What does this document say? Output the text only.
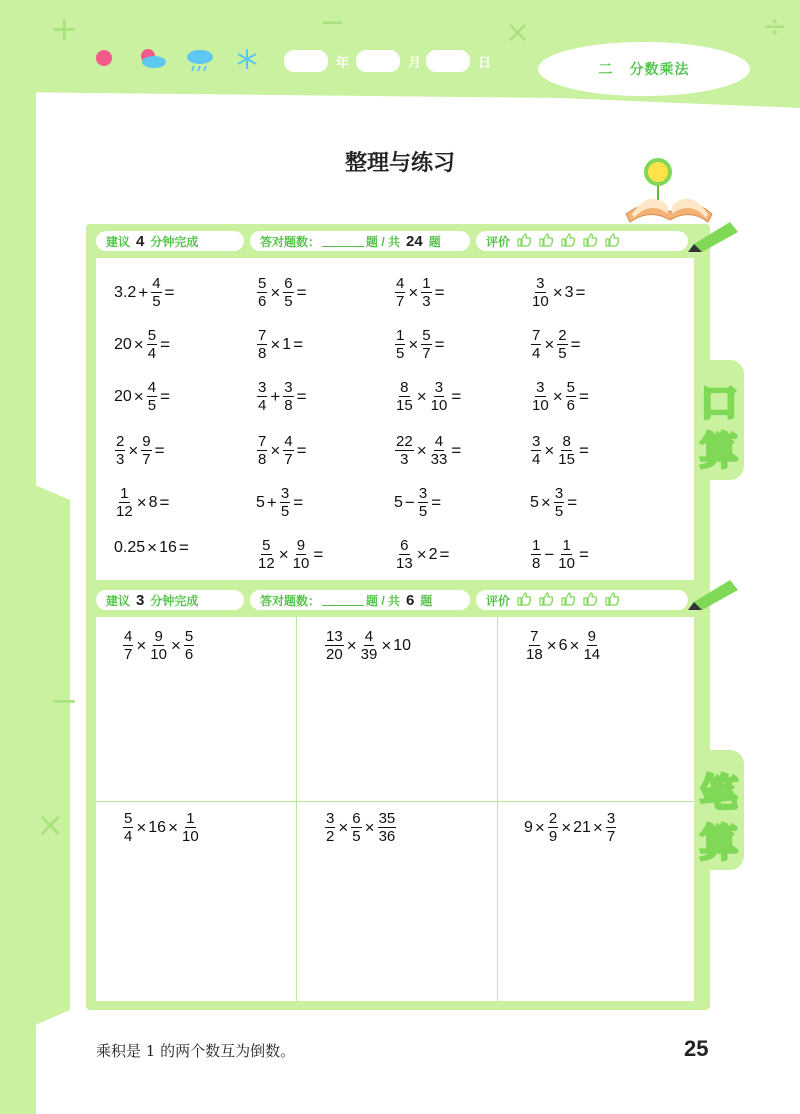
+	−	×	÷
−
×
年	月	日	二 分数乘法
整理与练习
建议 4 分钟完成	答对题数：	题 / 共 24 题	评价
$3.2 + \frac{4}{5}$ =	$\frac{5}{6} \times \frac{6}{5}$ =	$\frac{4}{7} \times \frac{1}{3}$ =	$\frac{3}{10} \times 3$ =
$20 \times \frac{5}{4}$ =	$\frac{7}{8} \times 1$ =	$\frac{1}{5} \times \frac{5}{7}$ =	$\frac{7}{4} \times \frac{2}{5}$ =
$20 \times \frac{4}{5}$ =	$\frac{3}{4} + \frac{3}{8}$ =	$\frac{8}{15} \times \frac{3}{10}$ =	$\frac{3}{10} \times \frac{5}{6}$ =
$\frac{2}{3} \times \frac{9}{7}$ =	$\frac{7}{8} \times \frac{4}{7}$ =	$\frac{22}{3} \times \frac{4}{33}$ =	$\frac{3}{4} \times \frac{8}{15}$ =
$\frac{1}{12} \times 8$ =	$5 + \frac{3}{5}$ =	$5 - \frac{3}{5}$ =	$5 \times \frac{3}{5}$ =
0.25 × 16 =	$\frac{5}{12} \times \frac{9}{10}$ =	$\frac{6}{13} \times 2$ =	$\frac{1}{8} - \frac{1}{10}$ =
建议 3 分钟完成	答对题数：	题 / 共 6 题	评价
$\frac{4}{7} \times \frac{9}{10} \times \frac{5}{6}$	$\frac{13}{20} \times \frac{4}{39} \times 10$	$\frac{7}{18} \times 6 \times \frac{9}{14}$
$\frac{5}{4} \times 16 \times \frac{1}{10}$	$\frac{3}{2} \times \frac{6}{5} \times \frac{35}{36}$	$9 \times \frac{2}{9} \times 21 \times \frac{3}{7}$
口
算
笔
算
乘积是 1 的两个数互为倒数。	25
